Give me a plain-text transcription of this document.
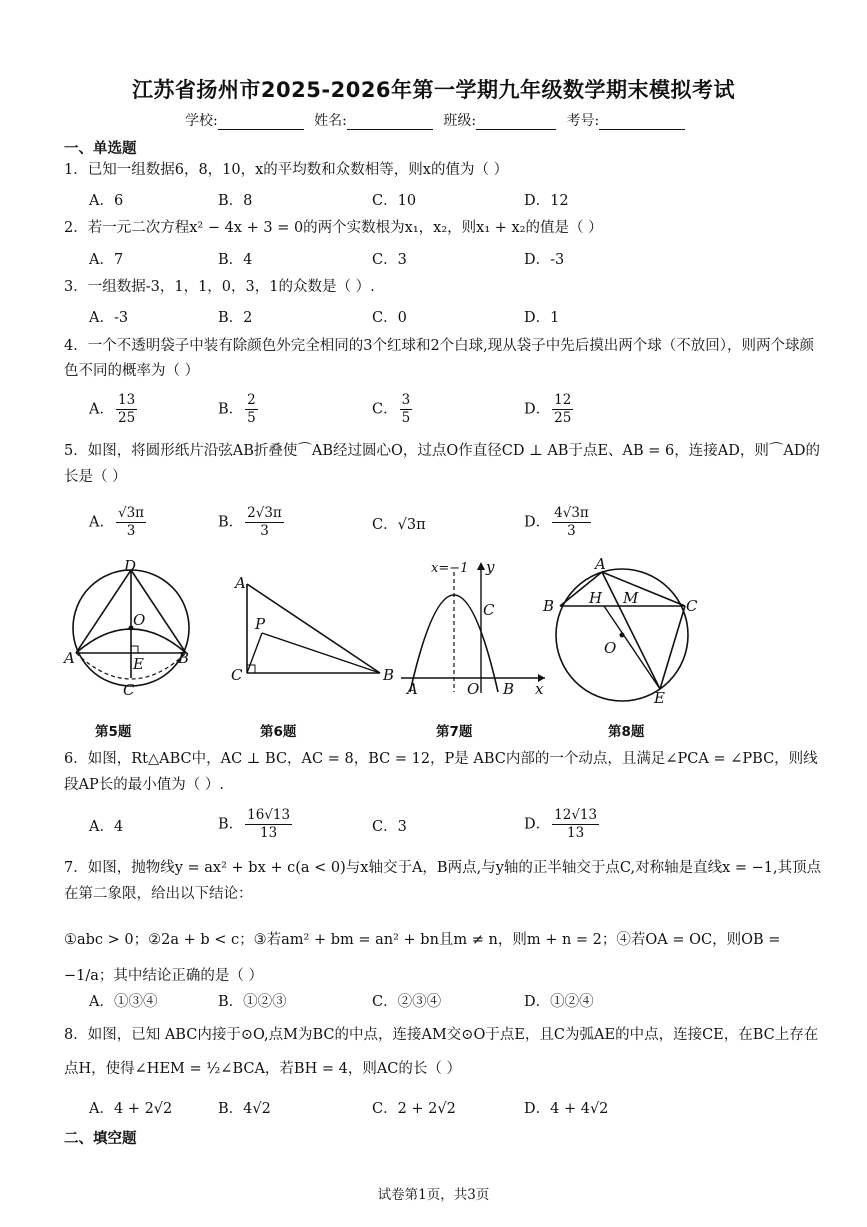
江苏省扬州市2025-2026年第一学期九年级数学期末模拟考试
学校:	姓名:	班级:	考号:
一、单选题
1．已知一组数据6，8，10，x的平均数和众数相等，则x的值为（ ）
A．6	B．8	C．10	D．12
2．若一元二次方程x² − 4x + 3 = 0的两个实数根为x₁，x₂，则x₁ + x₂的值是（ ）
A．7	B．4	C．3	D．-3
3．一组数据-3，1，1，0，3，1的众数是（ ）.
A．-3	B．2	C．0	D．1
4．一个不透明袋子中装有除颜色外完全相同的3个红球和2个白球,现从袋子中先后摸出两个球（不放回），则两个球颜色不同的概率为（ ）
A． $\frac{13}{25}$	B． $\frac{2}{5}$	C． $\frac{3}{5}$	D． $\frac{12}{25}$
5．如图，将圆形纸片沿弦AB折叠使⌒AB经过圆心O，过点O作直径CD ⊥ AB于点E、AB = 6，连接AD，则⌒AD的长是（ ）
A． $\frac{√3\pi}{3}$	B． $\frac{2√3\pi}{3}$	C．√3π	D． $\frac{4√3\pi}{3}$
D
O
A	B
E
C
第5题
A
P
C	B
第6题
x=−1 y
C
A	O B x
第7题
A
B H M	C
O
E
第8题
6．如图，Rt△ABC中，AC ⊥ BC，AC = 8，BC = 12，P是 ABC内部的一个动点，且满足∠PCA = ∠PBC，则线段AP长的最小值为（ ）.
A．4	B． $\frac{16√13}{13}$	C．3	D． $\frac{12√13}{13}$
7．如图，抛物线y = ax² + bx + c(a < 0)与x轴交于A，B两点,与y轴的正半轴交于点C,对称轴是直线x = −1,其顶点在第二象限，给出以下结论：
①abc > 0；②2a + b < c；③若am² + bm = an² + bn且m ≠ n，则m + n = 2；④若OA = OC，则OB = −1/a；其中结论正确的是（ ）
A．①③④	B．①②③	C．②③④	D．①②④
8．如图，已知 ABC内接于⊙O,点M为BC的中点，连接AM交⊙O于点E，且C为弧AE的中点，连接CE，在BC上存在点H，使得∠HEM = ½∠BCA，若BH = 4，则AC的长（ ）
A．4 + 2√2	B．4√2	C．2 + 2√2	D．4 + 4√2
二、填空题
试卷第1页，共3页
